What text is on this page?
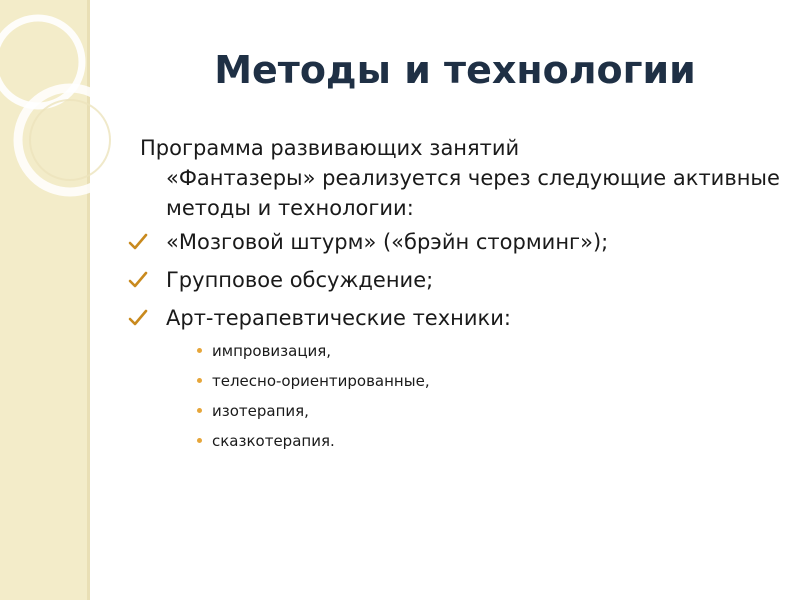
Методы и технологии

Программа развивающих занятий
«Фантазеры» реализуется через следующие активные методы и технологии:

«Мозговой штурм» («брэйн сторминг»);
Групповое обсуждение;
Арт-терапевтические техники:
импровизация,
телесно-ориентированные,
изотерапия,
сказкотерапия.
